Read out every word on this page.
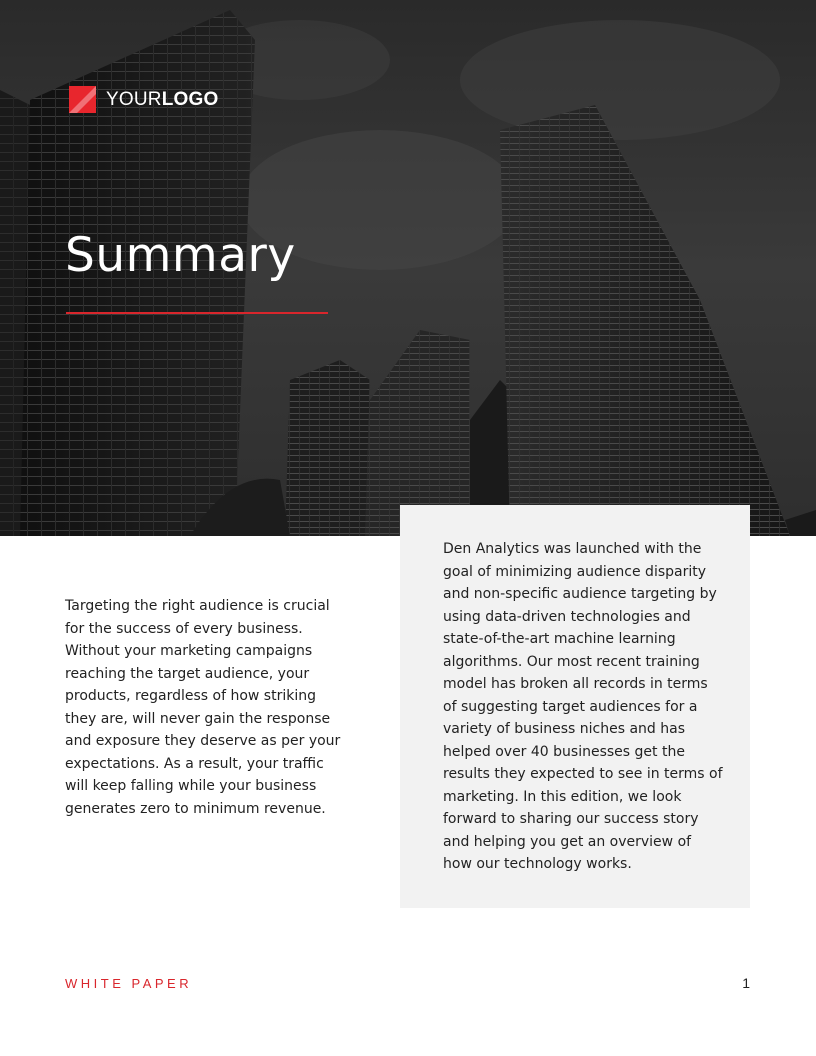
YOURLOGO
Summary

Targeting the right audience is crucial for the success of every business. Without your marketing campaigns reaching the target audience, your products, regardless of how striking they are, will never gain the response and exposure they deserve as per your expectations. As a result, your traffic will keep falling while your business generates zero to minimum revenue.

Den Analytics was launched with the goal of minimizing audience disparity and non-specific audience targeting by using data-driven technologies and state-of-the-art machine learning algorithms. Our most recent training model has broken all records in terms of suggesting target audiences for a variety of business niches and has helped over 40 businesses get the results they expected to see in terms of marketing. In this edition, we look forward to sharing our success story and helping you get an overview of how our technology works.

WHITE PAPER	1
